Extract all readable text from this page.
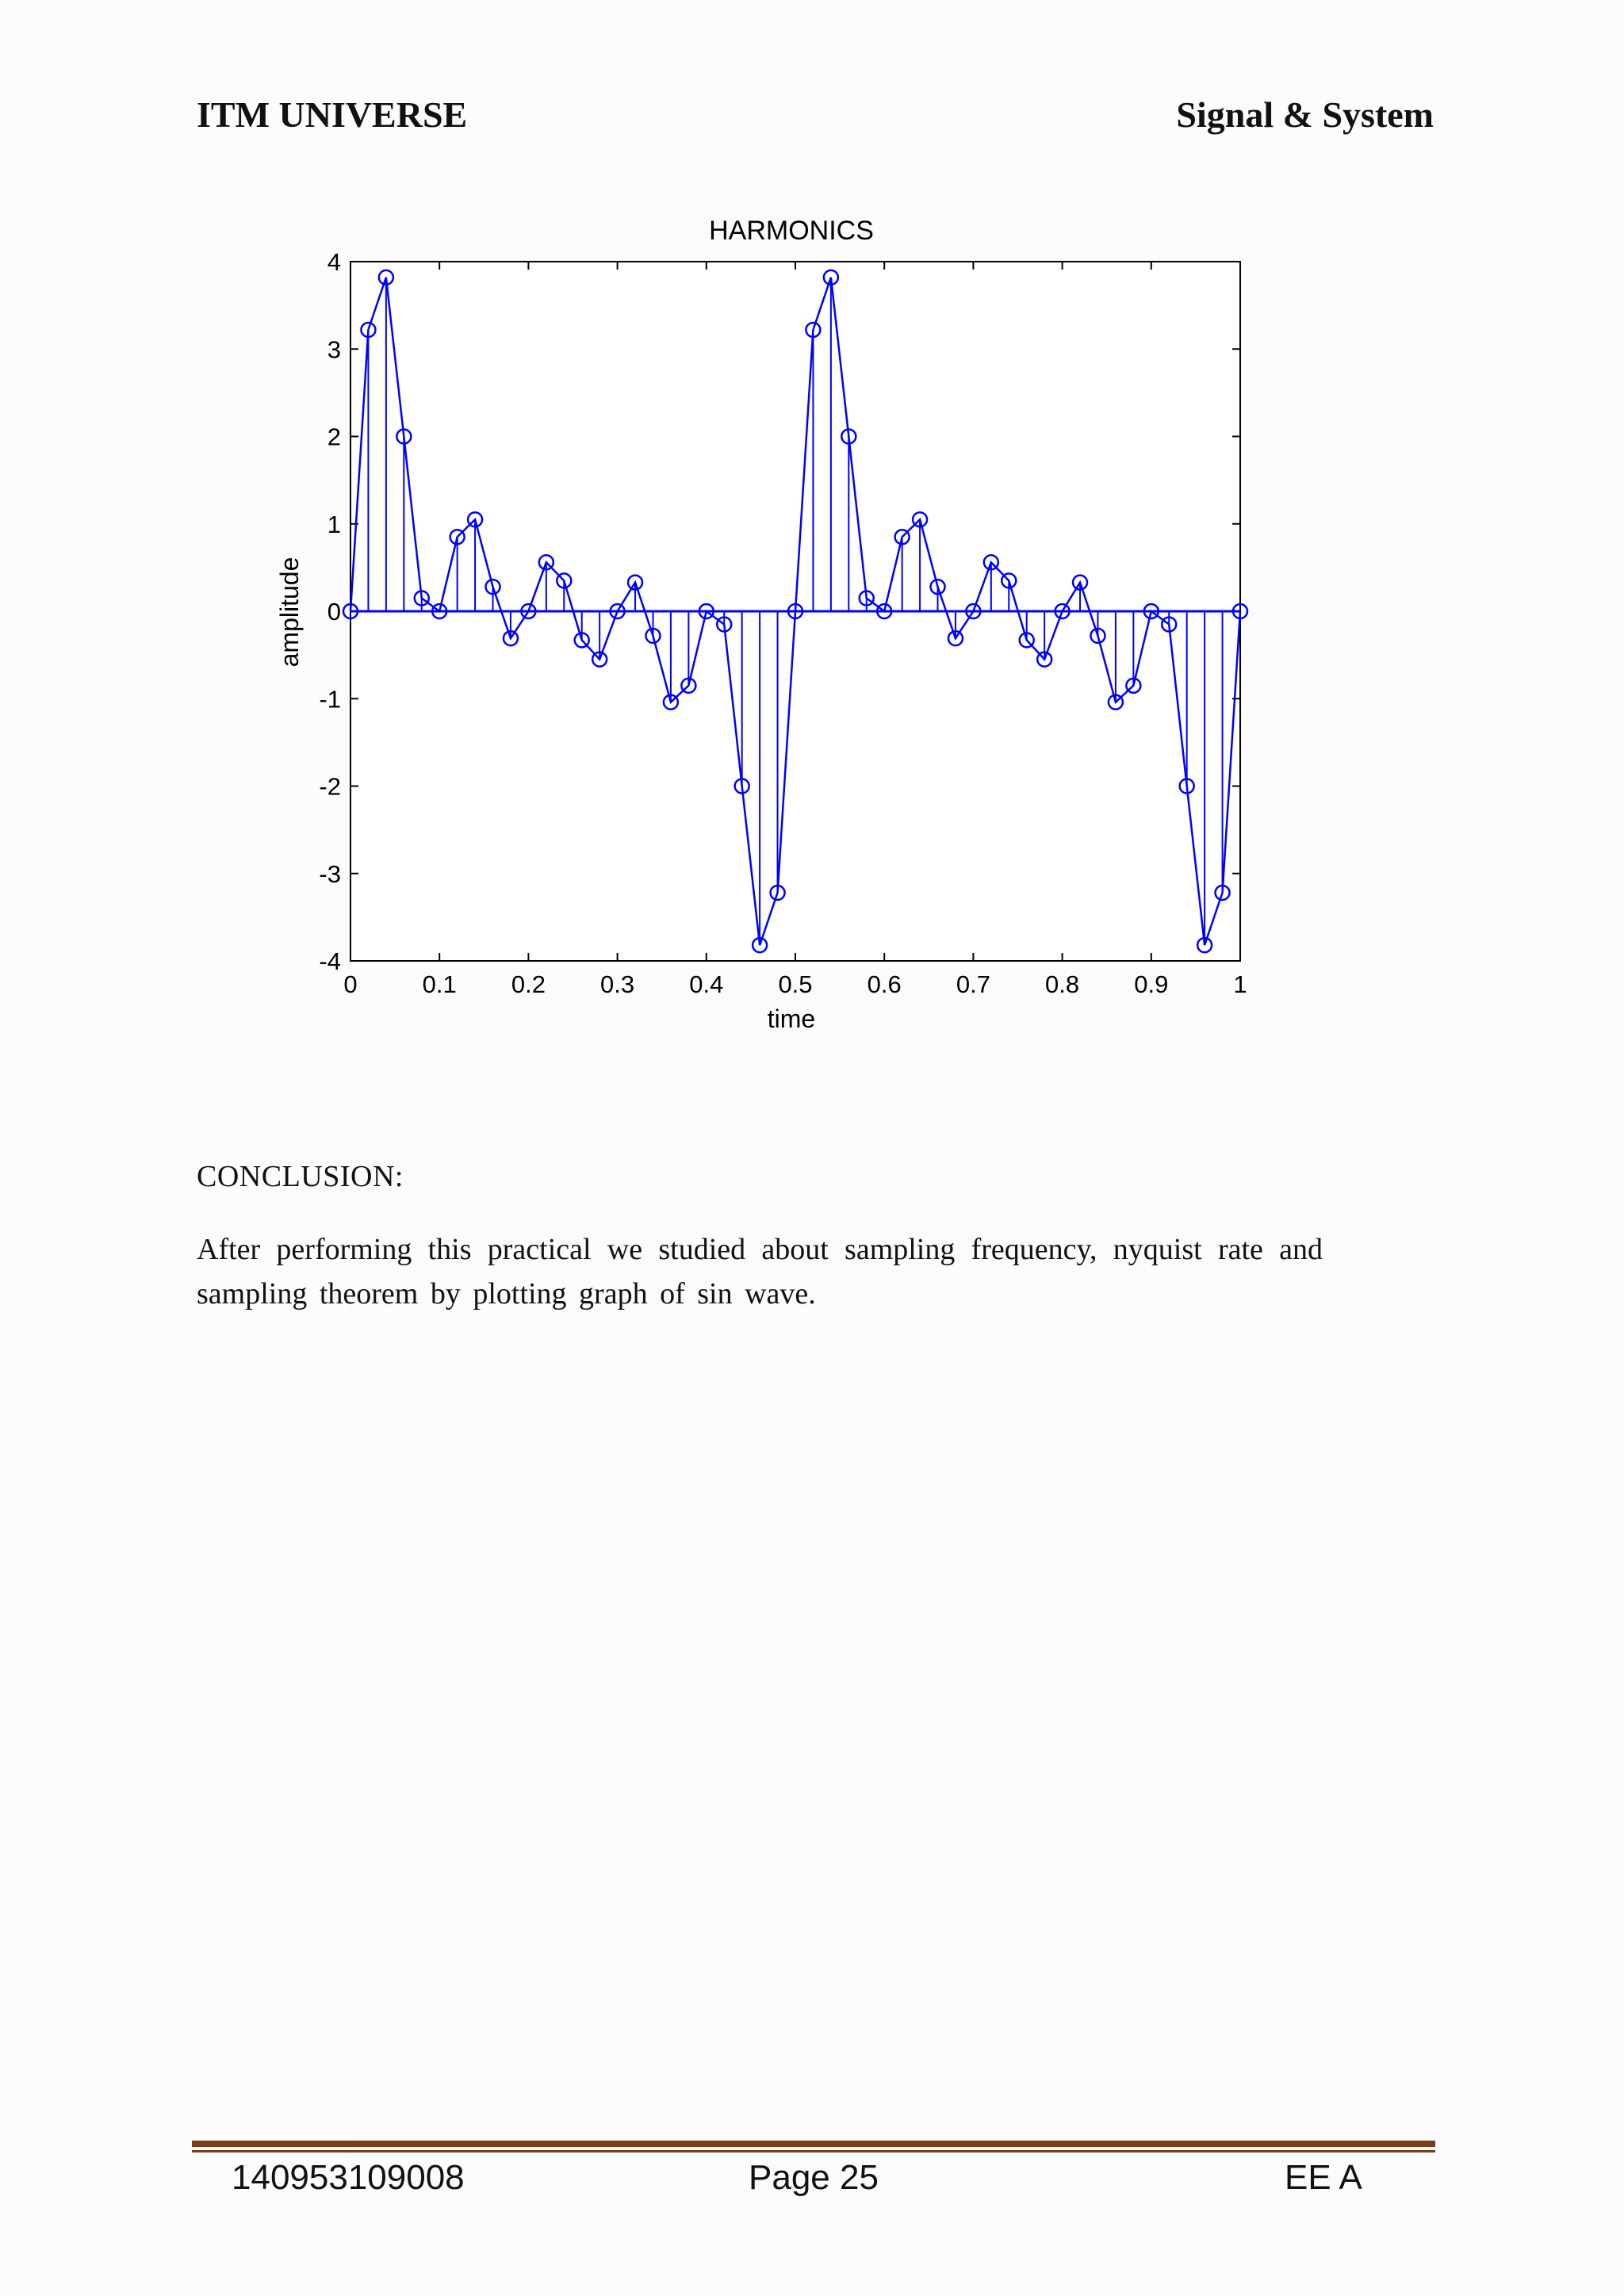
ITM UNIVERSE	Signal & System
HARMONICS
time
amplitude
0	0.1 0.2 0.3 0.4 0.5 0.6 0.7 0.8 0.9	1
4
3
2
1
0
-1
-2
-3
-4
CONCLUSION:
After performing this practical we studied about sampling frequency, nyquist rate and sampling theorem by plotting graph of sin wave.
140953109008	Page 25	EE A
